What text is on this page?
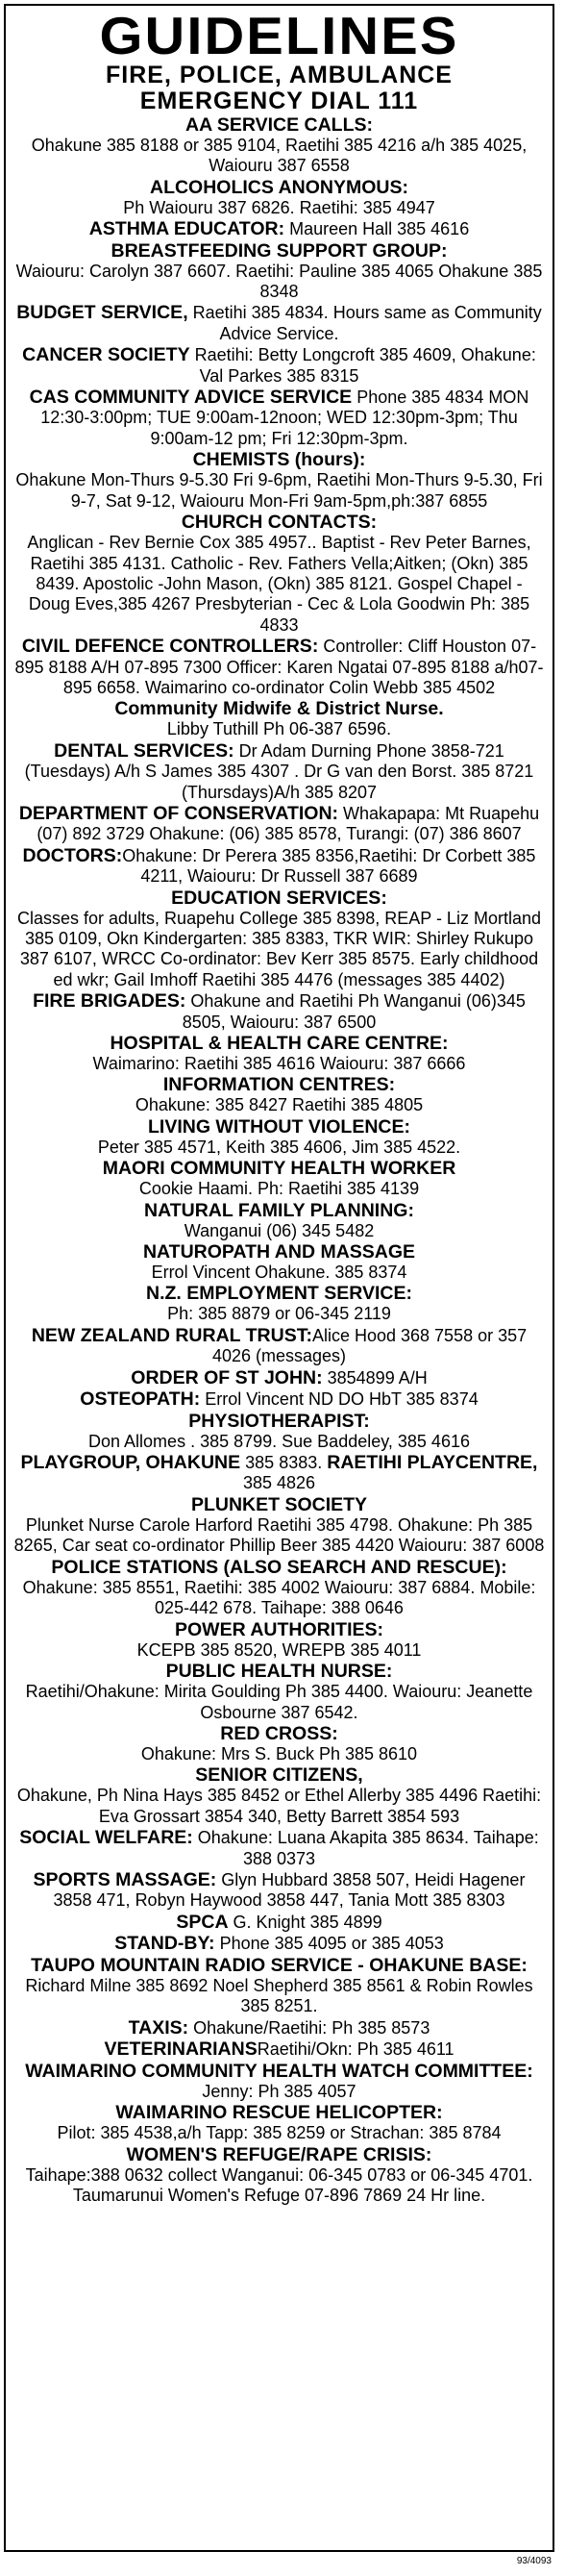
GUIDELINES
FIRE, POLICE, AMBULANCE
EMERGENCY DIAL 111
AA SERVICE CALLS:
Ohakune 385 8188 or 385 9104, Raetihi 385 4216 a/h 385 4025, Waiouru 387 6558
ALCOHOLICS ANONYMOUS:
Ph Waiouru 387 6826. Raetihi: 385 4947
ASTHMA EDUCATOR: Maureen Hall 385 4616
BREASTFEEDING SUPPORT GROUP:
Waiouru: Carolyn 387 6607. Raetihi: Pauline 385 4065 Ohakune 385 8348
BUDGET SERVICE, Raetihi 385 4834. Hours same as Community Advice Service.
CANCER SOCIETY Raetihi: Betty Longcroft 385 4609, Ohakune: Val Parkes 385 8315
CAS COMMUNITY ADVICE SERVICE Phone 385 4834 MON 12:30-3:00pm; TUE 9:00am-12noon; WED 12:30pm-3pm; Thu 9:00am-12 pm; Fri 12:30pm-3pm.
CHEMISTS (hours):
Ohakune Mon-Thurs 9-5.30 Fri 9-6pm, Raetihi Mon-Thurs 9-5.30, Fri 9-7, Sat 9-12, Waiouru Mon-Fri 9am-5pm,ph:387 6855
CHURCH CONTACTS:
Anglican - Rev Bernie Cox 385 4957.. Baptist - Rev Peter Barnes, Raetihi 385 4131. Catholic - Rev. Fathers Vella;Aitken; (Okn) 385 8439. Apostolic -John Mason, (Okn) 385 8121. Gospel Chapel - Doug Eves,385 4267 Presbyterian - Cec & Lola Goodwin Ph: 385 4833
CIVIL DEFENCE CONTROLLERS: Controller: Cliff Houston 07-895 8188 A/H 07-895 7300 Officer: Karen Ngatai 07-895 8188 a/h07-895 6658. Waimarino co-ordinator Colin Webb 385 4502
Community Midwife & District Nurse.
Libby Tuthill Ph 06-387 6596.
DENTAL SERVICES: Dr Adam Durning Phone 3858-721 (Tuesdays) A/h S James 385 4307 . Dr G van den Borst. 385 8721 (Thursdays)A/h 385 8207
DEPARTMENT OF CONSERVATION: Whakapapa: Mt Ruapehu (07) 892 3729 Ohakune: (06) 385 8578, Turangi: (07) 386 8607
DOCTORS:Ohakune: Dr Perera 385 8356,Raetihi: Dr Corbett 385 4211, Waiouru: Dr Russell 387 6689
EDUCATION SERVICES:
Classes for adults, Ruapehu College 385 8398, REAP - Liz Mortland 385 0109, Okn Kindergarten: 385 8383, TKR WIR: Shirley Rukupo 387 6107, WRCC Co-ordinator: Bev Kerr 385 8575. Early childhood ed wkr; Gail Imhoff Raetihi 385 4476 (messages 385 4402)
FIRE BRIGADES: Ohakune and Raetihi Ph Wanganui (06)345 8505, Waiouru: 387 6500
HOSPITAL & HEALTH CARE CENTRE:
Waimarino: Raetihi 385 4616 Waiouru: 387 6666
INFORMATION CENTRES:
Ohakune: 385 8427 Raetihi 385 4805
LIVING WITHOUT VIOLENCE:
Peter 385 4571, Keith 385 4606, Jim 385 4522.
MAORI COMMUNITY HEALTH WORKER
Cookie Haami. Ph: Raetihi 385 4139
NATURAL FAMILY PLANNING:
Wanganui (06) 345 5482
NATUROPATH AND MASSAGE
Errol Vincent Ohakune. 385 8374
N.Z. EMPLOYMENT SERVICE:
Ph: 385 8879 or 06-345 2119
NEW ZEALAND RURAL TRUST:Alice Hood 368 7558 or 357 4026 (messages)
ORDER OF ST JOHN: 3854899 A/H
OSTEOPATH: Errol Vincent ND DO HbT 385 8374
PHYSIOTHERAPIST:
Don Allomes . 385 8799. Sue Baddeley, 385 4616
PLAYGROUP, OHAKUNE 385 8383. RAETIHI PLAYCENTRE, 385 4826
PLUNKET SOCIETY
Plunket Nurse Carole Harford Raetihi 385 4798. Ohakune: Ph 385 8265, Car seat co-ordinator Phillip Beer 385 4420 Waiouru: 387 6008
POLICE STATIONS (ALSO SEARCH AND RESCUE): Ohakune: 385 8551, Raetihi: 385 4002 Waiouru: 387 6884. Mobile: 025-442 678. Taihape: 388 0646
POWER AUTHORITIES:
KCEPB 385 8520, WREPB 385 4011
PUBLIC HEALTH NURSE:
Raetihi/Ohakune: Mirita Goulding Ph 385 4400. Waiouru: Jeanette Osbourne 387 6542.
RED CROSS:
Ohakune: Mrs S. Buck Ph 385 8610
SENIOR CITIZENS,
Ohakune, Ph Nina Hays 385 8452 or Ethel Allerby 385 4496 Raetihi: Eva Grossart 3854 340, Betty Barrett 3854 593
SOCIAL WELFARE: Ohakune: Luana Akapita 385 8634. Taihape: 388 0373
SPORTS MASSAGE: Glyn Hubbard 3858 507, Heidi Hagener 3858 471, Robyn Haywood 3858 447, Tania Mott 385 8303
SPCA G. Knight 385 4899
STAND-BY: Phone 385 4095 or 385 4053
TAUPO MOUNTAIN RADIO SERVICE - OHAKUNE BASE: Richard Milne 385 8692 Noel Shepherd 385 8561 & Robin Rowles 385 8251.
TAXIS: Ohakune/Raetihi: Ph 385 8573
VETERINARIANSRaetihi/Okn: Ph 385 4611
WAIMARINO COMMUNITY HEALTH WATCH COMMITTEE: Jenny: Ph 385 4057
WAIMARINO RESCUE HELICOPTER:
Pilot: 385 4538,a/h Tapp: 385 8259 or Strachan: 385 8784
WOMEN'S REFUGE/RAPE CRISIS:
Taihape:388 0632 collect Wanganui: 06-345 0783 or 06-345 4701. Taumarunui Women's Refuge 07-896 7869 24 Hr line.
93/4093
